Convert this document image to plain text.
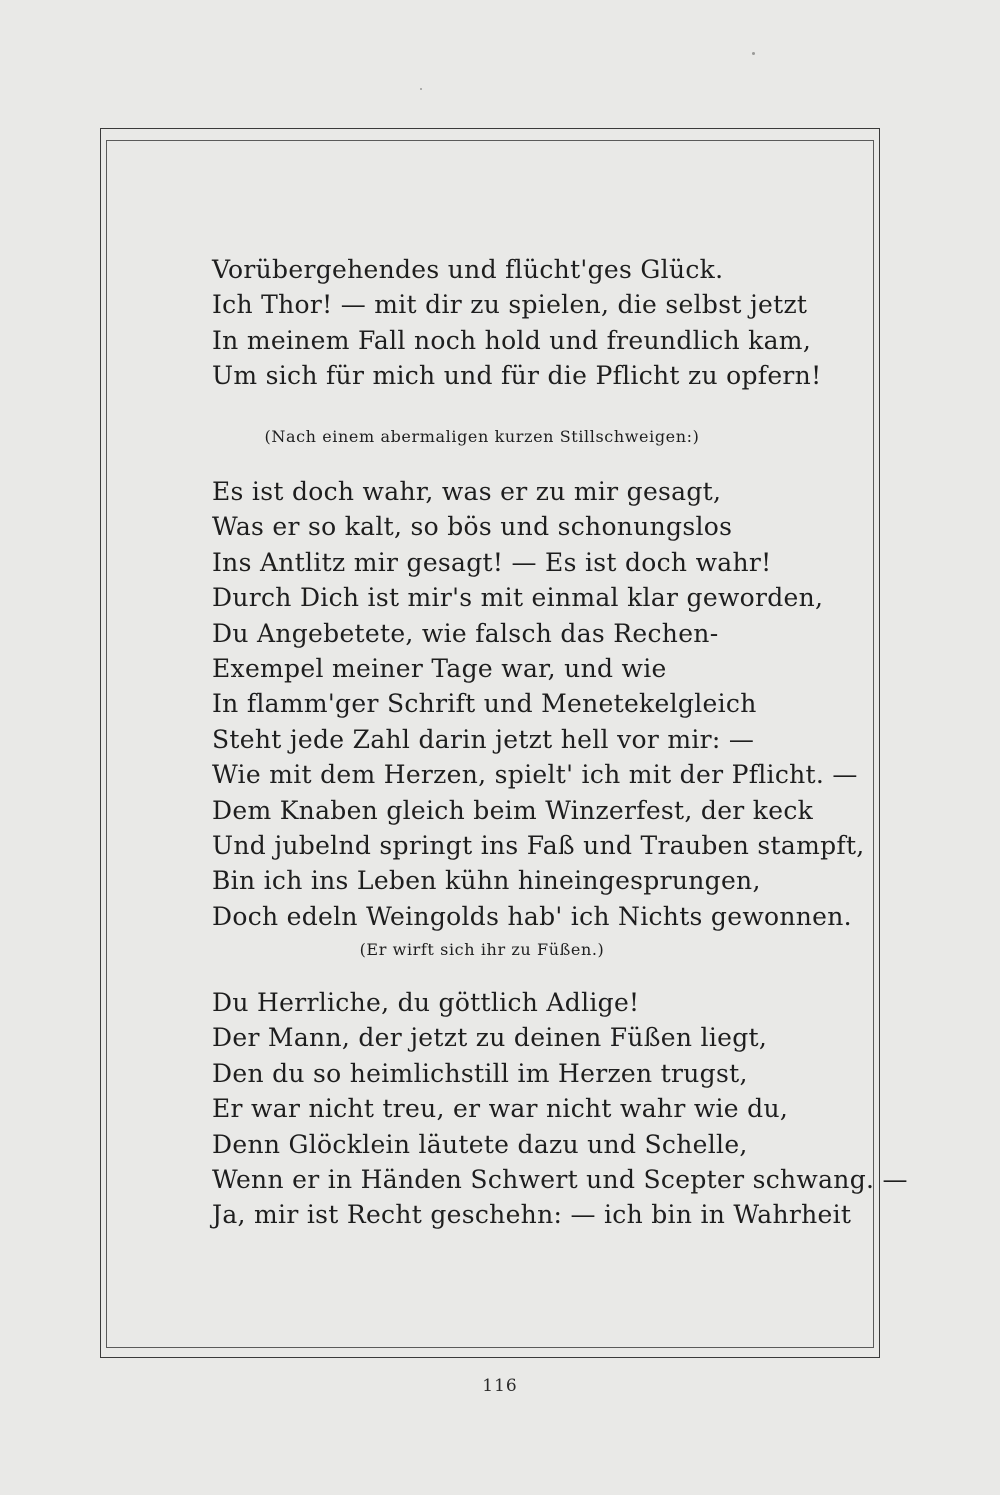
Vorübergehendes und flücht'ges Glück.
Ich Thor! — mit dir zu spielen, die selbst jetzt
In meinem Fall noch hold und freundlich kam,
Um sich für mich und für die Pflicht zu opfern!
(Nach einem abermaligen kurzen Stillschweigen:)
Es ist doch wahr, was er zu mir gesagt,
Was er so kalt, so bös und schonungslos
Ins Antlitz mir gesagt! — Es ist doch wahr!
Durch Dich ist mir's mit einmal klar geworden,
Du Angebetete, wie falsch das Rechen-
Exempel meiner Tage war, und wie
In flamm'ger Schrift und Menetekelgleich
Steht jede Zahl darin jetzt hell vor mir: —
Wie mit dem Herzen, spielt' ich mit der Pflicht. —
Dem Knaben gleich beim Winzerfest, der keck
Und jubelnd springt ins Faß und Trauben stampft,
Bin ich ins Leben kühn hineingesprungen,
Doch edeln Weingolds hab' ich Nichts gewonnen.
(Er wirft sich ihr zu Füßen.)
Du Herrliche, du göttlich Adlige!
Der Mann, der jetzt zu deinen Füßen liegt,
Den du so heimlichstill im Herzen trugst,
Er war nicht treu, er war nicht wahr wie du,
Denn Glöcklein läutete dazu und Schelle,
Wenn er in Händen Schwert und Scepter schwang. —
Ja, mir ist Recht geschehn: — ich bin in Wahrheit
116
